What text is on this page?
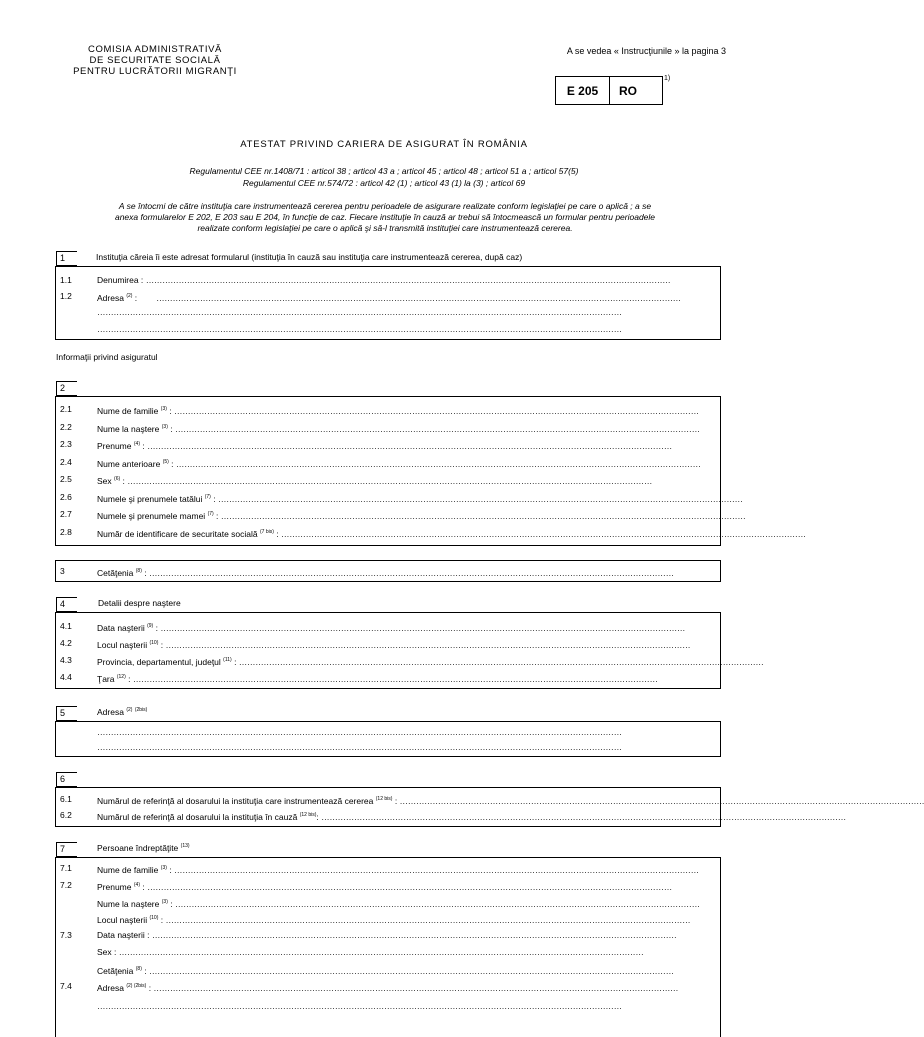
COMISIA ADMINISTRATIVĂ
DE SECURITATE SOCIALĂ
PENTRU LUCRĂTORII MIGRANŢI
A se vedea « Instrucţiunile » la pagina 3
E 205	RO
1)
ATESTAT PRIVIND CARIERA DE ASIGURAT ÎN ROMÂNIA
Regulamentul CEE nr.1408/71 : articol 38 ; articol 43 a ; articol 45 ; articol 48 ; articol 51 a ; articol 57(5)
Regulamentul CEE nr.574/72 : articol 42 (1) ; articol 43 (1) la (3) ; articol 69
A se întocmi de către instituţia care instrumentează cererea pentru perioadele de asigurare realizate conform legislaţiei pe care o aplică ; a se
anexa formularelor E 202, E 203 sau E 204, în funcţie de caz. Fiecare instituţie în cauză ar trebui să întocmească un formular pentru perioadele
realizate conform legislaţiei pe care o aplică şi să-l transmită instituţiei care instrumentează cererea.
1	Instituţia căreia îi este adresat formularul (instituţia în cauză sau instituţia care instrumentează cererea, după caz)
1.1	Denumirea : …………………………………………………………………………………………………………………………………………………………………………
1.2	Adresa $^{(2)}$ : …………………………………………………………………………………………………………………………………………………………………………
…………………………………………………………………………………………………………………………………………………………………………
…………………………………………………………………………………………………………………………………………………………………………
Informaţii privind asiguratul
2
2.1	Nume de familie $^{(3)}$ : …………………………………………………………………………………………………………………………………………………………………………
2.2	Nume la naştere $^{(3)}$ : …………………………………………………………………………………………………………………………………………………………………………
2.3	Prenume $^{(4)}$ : …………………………………………………………………………………………………………………………………………………………………………
2.4	Nume anterioare $^{(5)}$ : …………………………………………………………………………………………………………………………………………………………………………
2.5	Sex $^{(6)}$ : …………………………………………………………………………………………………………………………………………………………………………
2.6	Numele şi prenumele tatălui $^{(7)}$ : …………………………………………………………………………………………………………………………………………………………………………
2.7	Numele şi prenumele mamei $^{(7)}$ : …………………………………………………………………………………………………………………………………………………………………………
2.8	Număr de identificare de securitate socială $^{(7 bis)}$ : …………………………………………………………………………………………………………………………………………………………………………
3	Cetăţenia $^{(8)}$ : …………………………………………………………………………………………………………………………………………………………………………
4	Detalii despre naştere
4.1	Data naşterii $^{(9)}$ : …………………………………………………………………………………………………………………………………………………………………………
4.2	Locul naşterii $^{(10)}$ : …………………………………………………………………………………………………………………………………………………………………………
4.3	Provincia, departamentul, judeţul $^{(11)}$ : …………………………………………………………………………………………………………………………………………………………………………
4.4	Ţara $^{(12)}$ : …………………………………………………………………………………………………………………………………………………………………………
5	Adresa $^{(2)}$ $^{(2bis)}$
…………………………………………………………………………………………………………………………………………………………………………
…………………………………………………………………………………………………………………………………………………………………………
6
6.1	Numărul de referinţă al dosarului la instituţia care instrumentează cererea $^{(12 bis)}$ : …………………………………………………………………………………………………………………………………………………………………………
6.2	Numărul de referinţă al dosarului la instituţia în cauză $^{(12 bis)}$: …………………………………………………………………………………………………………………………………………………………………………
7	Persoane îndreptăţite $^{(13)}$
7.1	Nume de familie $^{(3)}$ : …………………………………………………………………………………………………………………………………………………………………………
7.2	Prenume $^{(4)}$ : …………………………………………………………………………………………………………………………………………………………………………
Nume la naştere $^{(3)}$ : …………………………………………………………………………………………………………………………………………………………………………
Locul naşterii $^{(10)}$ : …………………………………………………………………………………………………………………………………………………………………………
7.3	Data naşterii : …………………………………………………………………………………………………………………………………………………………………………
Sex : …………………………………………………………………………………………………………………………………………………………………………
Cetăţenia $^{(8)}$ : …………………………………………………………………………………………………………………………………………………………………………
7.4	Adresa $^{(2) (2bis)}$ : …………………………………………………………………………………………………………………………………………………………………………
…………………………………………………………………………………………………………………………………………………………………………
